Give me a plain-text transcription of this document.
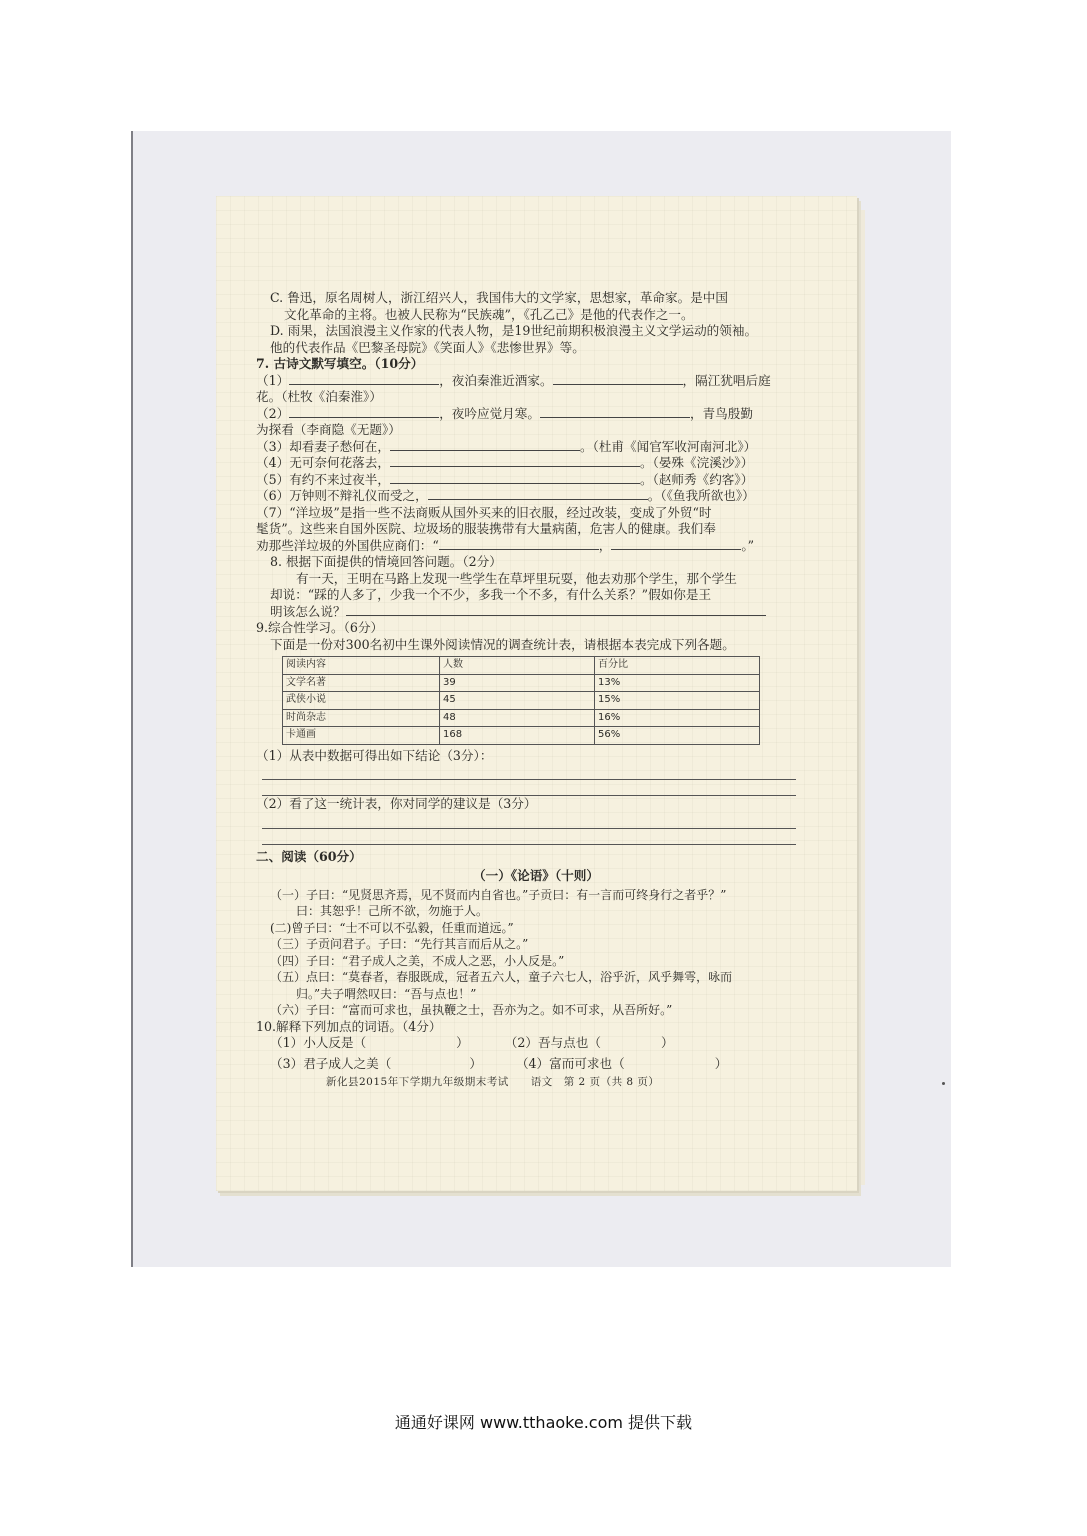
C. 鲁迅，原名周树人，浙江绍兴人，我国伟大的文学家，思想家，革命家。是中国

文化革命的主将。也被人民称为“民族魂”，《孔乙己》是他的代表作之一。

D. 雨果，法国浪漫主义作家的代表人物，是19世纪前期积极浪漫主义文学运动的领袖。

他的代表作品《巴黎圣母院》《笑面人》《悲惨世界》等。

7. 古诗文默写填空。（10分）

（1）	，夜泊秦淮近酒家。	，隔江犹唱后庭

花。（杜牧《泊秦淮》）

（2）	，夜吟应觉月寒。	，青鸟殷勤

为探看（李商隐《无题》）

（3）却看妻子愁何在，	。（杜甫《闻官军收河南河北》）

（4）无可奈何花落去，	。（晏殊《浣溪沙》）

（5）有约不来过夜半，	。（赵师秀《约客》）

（6）万钟则不辩礼仪而受之，	。（《鱼我所欲也》）

（7）“洋垃圾”是指一些不法商贩从国外买来的旧衣服，经过改装，变成了外贸“时

髦货”。这些来自国外医院、垃圾场的服装携带有大量病菌，危害人的健康。我们奉

劝那些洋垃圾的外国供应商们：“	，	。”

8. 根据下面提供的情境回答问题。（2分）

有一天，王明在马路上发现一些学生在草坪里玩耍，他去劝那个学生，那个学生

却说：“踩的人多了，少我一个不少，多我一个不多，有什么关系？”假如你是王

明该怎么说？

9.综合性学习。（6分）

下面是一份对300名初中生课外阅读情况的调查统计表，请根据本表完成下列各题。

阅读内容	人数	百分比
文学名著	39	13%
武侠小说	45	15%
时尚杂志	48	16%
卡通画	168	56%

（1）从表中数据可得出如下结论（3分）：

（2）看了这一统计表，你对同学的建议是（3分）

二、阅读（60分）

（一）《论语》（十则）

（一）子曰：“见贤思齐焉，见不贤而内自省也。”子贡曰：有一言而可终身行之者乎？”

曰：其恕乎！己所不欲，勿施于人。

(二)曾子曰：“士不可以不弘毅，任重而道远。”

（三）子贡问君子。子曰：“先行其言而后从之。”

（四）子曰：“君子成人之美，不成人之恶，小人反是。”

（五）点曰：“莫春者，春服既成，冠者五六人，童子六七人，浴乎沂，风乎舞雩，咏而

归。”夫子喟然叹曰：“吾与点也！”

（六）子曰：“富而可求也，虽执鞭之士，吾亦为之。如不可求，从吾所好。”

10.解释下列加点的词语。（4分）

（1）小人反是（	）	（2）吾与点也（	）

（3）君子成人之美（	）	（4）富而可求也（	）

新化县2015年下学期九年级期末考试　　语文　第 2 页（共 8 页）

通通好课网 www.tthaoke.com 提供下载
